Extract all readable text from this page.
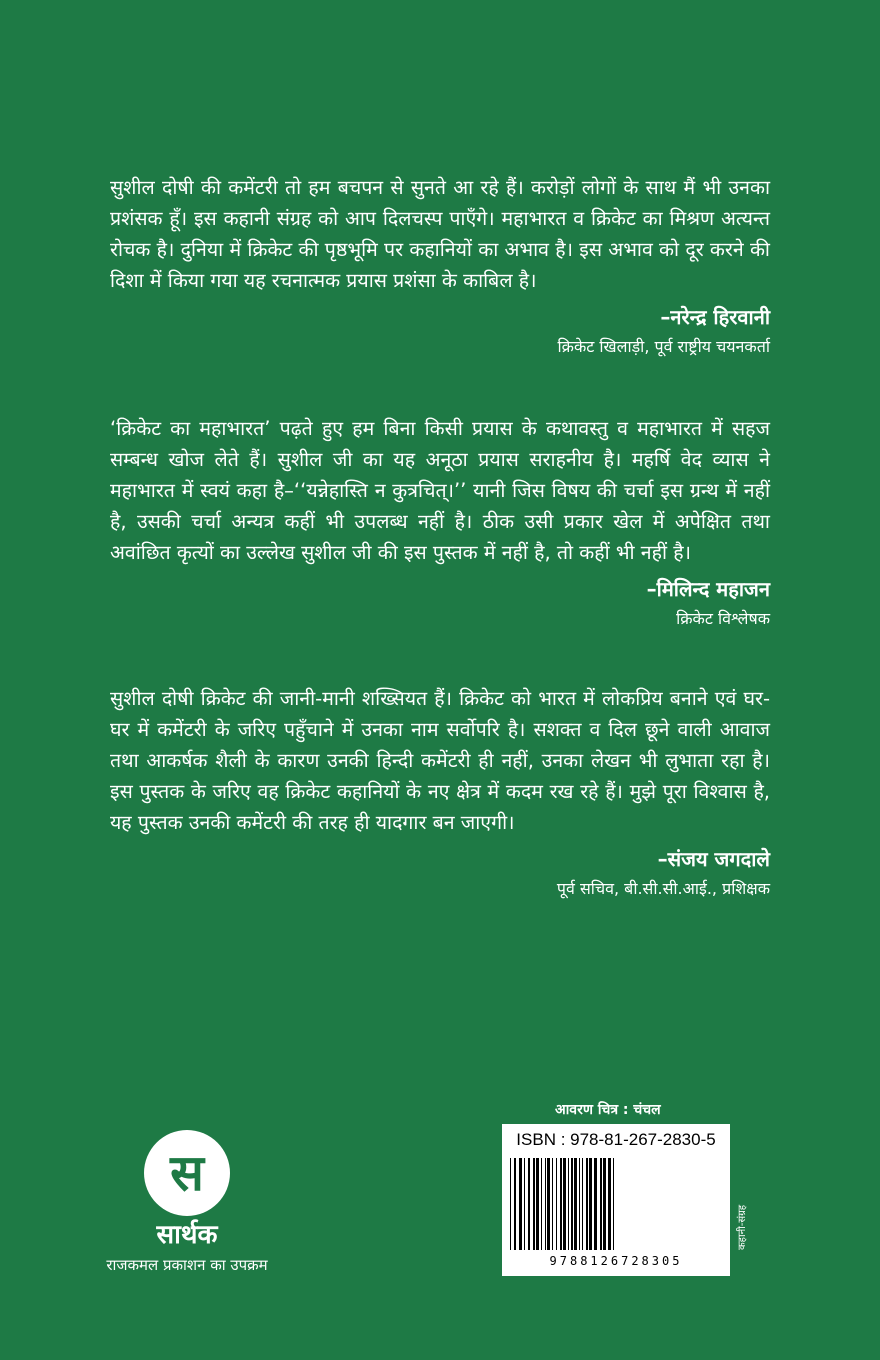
सुशील दोषी की कमेंटरी तो हम बचपन से सुनते आ रहे हैं। करोड़ों लोगों के साथ मैं भी उनका प्रशंसक हूँ। इस कहानी संग्रह को आप दिलचस्प पाएँगे। महाभारत व क्रिकेट का मिश्रण अत्यन्त रोचक है। दुनिया में क्रिकेट की पृष्ठभूमि पर कहानियों का अभाव है। इस अभाव को दूर करने की दिशा में किया गया यह रचनात्मक प्रयास प्रशंसा के काबिल है।

–नरेन्द्र हिरवानी

क्रिकेट खिलाड़ी, पूर्व राष्ट्रीय चयनकर्ता

‘क्रिकेट का महाभारत’ पढ़ते हुए हम बिना किसी प्रयास के कथावस्तु व महाभारत में सहज सम्बन्ध खोज लेते हैं। सुशील जी का यह अनूठा प्रयास सराहनीय है। महर्षि वेद व्यास ने महाभारत में स्वयं कहा है–‘‘यन्नेहास्ति न कुत्रचित्।’’ यानी जिस विषय की चर्चा इस ग्रन्थ में नहीं है, उसकी चर्चा अन्यत्र कहीं भी उपलब्ध नहीं है। ठीक उसी प्रकार खेल में अपेक्षित तथा अवांछित कृत्यों का उल्लेख सुशील जी की इस पुस्तक में नहीं है, तो कहीं भी नहीं है।

–मिलिन्द महाजन

क्रिकेट विश्लेषक

सुशील दोषी क्रिकेट की जानी-मानी शख्सियत हैं। क्रिकेट को भारत में लोकप्रिय बनाने एवं घर-घर में कमेंटरी के जरिए पहुँचाने में उनका नाम सर्वोपरि है। सशक्त व दिल छूने वाली आवाज तथा आकर्षक शैली के कारण उनकी हिन्दी कमेंटरी ही नहीं, उनका लेखन भी लुभाता रहा है। इस पुस्तक के जरिए वह क्रिकेट कहानियों के नए क्षेत्र में कदम रख रहे हैं। मुझे पूरा विश्वास है, यह पुस्तक उनकी कमेंटरी की तरह ही यादगार बन जाएगी।

–संजय जगदाले

पूर्व सचिव, बी.सी.सी.आई., प्रशिक्षक

स
सार्थक
राजकमल प्रकाशन का उपक्रम
आवरण चित्र : चंचल
ISBN : 978-81-267-2830-5
9788126728305
कहानी-संग्रह
